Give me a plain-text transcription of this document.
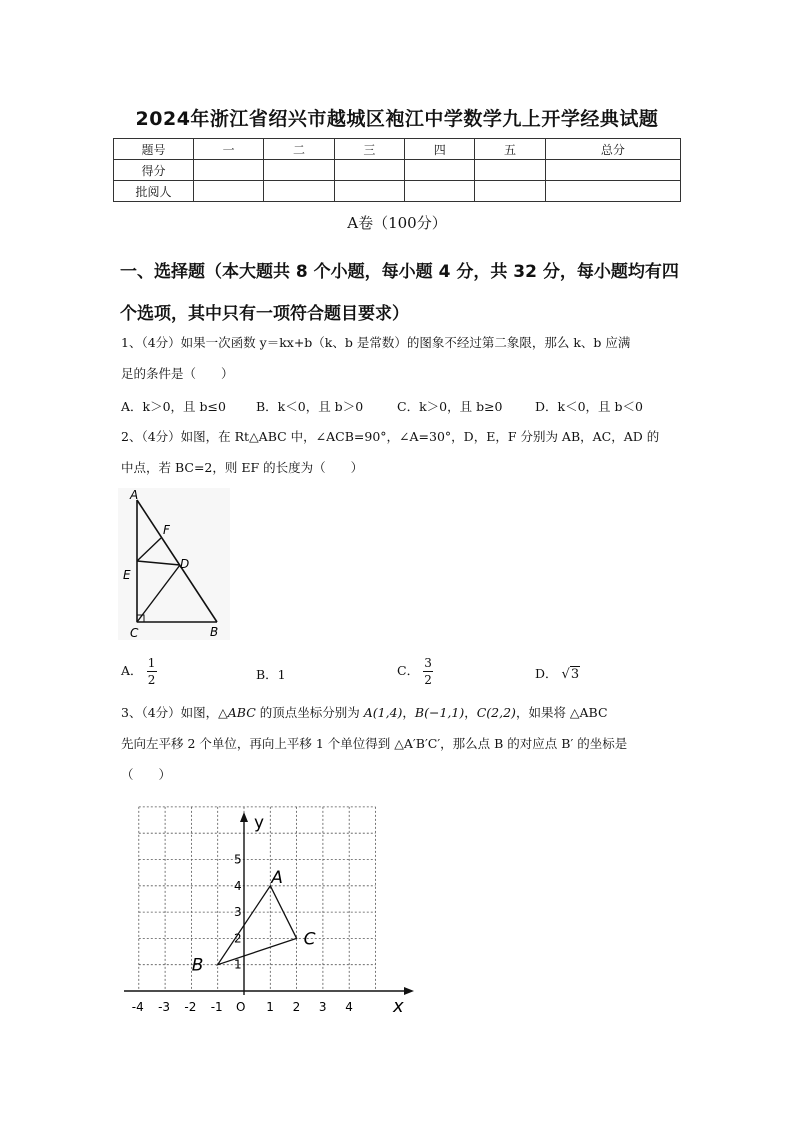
2024年浙江省绍兴市越城区袍江中学数学九上开学经典试题
题号	一	二	三	四	五	总分
得分						
批阅人						
A卷（100分）
一、选择题（本大题共 8 个小题，每小题 4 分，共 32 分，每小题均有四个选项，其中只有一项符合题目要求）
1、（4分）如果一次函数 y＝kx+b（k、b 是常数）的图象不经过第二象限，那么 k、b 应满
足的条件是（　　）
A．k＞0，且 b≤0 B．k＜0，且 b＞0	C．k＞0，且 b≥0	D．k＜0，且 b＜0
2、（4分）如图，在 Rt△ABC 中，∠ACB=90°，∠A=30°，D，E，F 分别为 AB，AC，AD 的
中点，若 BC=2，则 EF 的长度为（　　）
A
F
D
E
C	B
A． $\frac{1}{2}$	B．1	C． $\frac{3}{2}$	D． √3
3、（4分）如图，△ABC 的顶点坐标分别为 A(1,4)，B(−1,1)，C(2,2)，如果将 △ABC
先向左平移 2 个单位，再向上平移 1 个单位得到 △A′B′C′，那么点 B 的对应点 B′ 的坐标是
（　　）
x
y
O
-4 -3 -2 -1	1 2 3 4
1
2
3
4
5
A
B
C
